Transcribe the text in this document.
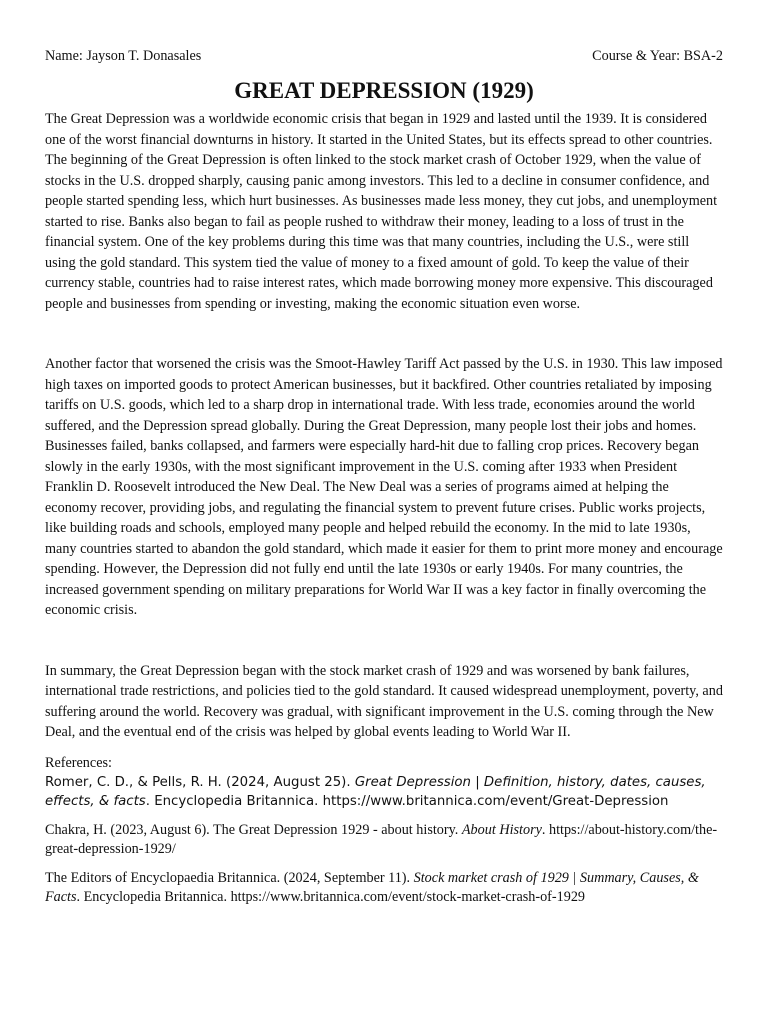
Name: Jayson T. Donasales	Course & Year: BSA-2
GREAT DEPRESSION (1929)

The Great Depression was a worldwide economic crisis that began in 1929 and lasted until the 1939. It is considered one of the worst financial downturns in history. It started in the United States, but its effects spread to other countries. The beginning of the Great Depression is often linked to the stock market crash of October 1929, when the value of stocks in the U.S. dropped sharply, causing panic among investors. This led to a decline in consumer confidence, and people started spending less, which hurt businesses. As businesses made less money, they cut jobs, and unemployment started to rise. Banks also began to fail as people rushed to withdraw their money, leading to a loss of trust in the financial system. One of the key problems during this time was that many countries, including the U.S., were still using the gold standard. This system tied the value of money to a fixed amount of gold. To keep the value of their currency stable, countries had to raise interest rates, which made borrowing money more expensive. This discouraged people and businesses from spending or investing, making the economic situation even worse.

Another factor that worsened the crisis was the Smoot-Hawley Tariff Act passed by the U.S. in 1930. This law imposed high taxes on imported goods to protect American businesses, but it backfired. Other countries retaliated by imposing tariffs on U.S. goods, which led to a sharp drop in international trade. With less trade, economies around the world suffered, and the Depression spread globally. During the Great Depression, many people lost their jobs and homes. Businesses failed, banks collapsed, and farmers were especially hard-hit due to falling crop prices. Recovery began slowly in the early 1930s, with the most significant improvement in the U.S. coming after 1933 when President Franklin D. Roosevelt introduced the New Deal. The New Deal was a series of programs aimed at helping the economy recover, providing jobs, and regulating the financial system to prevent future crises. Public works projects, like building roads and schools, employed many people and helped rebuild the economy. In the mid to late 1930s, many countries started to abandon the gold standard, which made it easier for them to print more money and encourage spending. However, the Depression did not fully end until the late 1930s or early 1940s. For many countries, the increased government spending on military preparations for World War II was a key factor in finally overcoming the economic crisis.

In summary, the Great Depression began with the stock market crash of 1929 and was worsened by bank failures, international trade restrictions, and policies tied to the gold standard. It caused widespread unemployment, poverty, and suffering around the world. Recovery was gradual, with significant improvement in the U.S. coming through the New Deal, and the eventual end of the crisis was helped by global events leading to World War II.

References:

Romer, C. D., & Pells, R. H. (2024, August 25). Great Depression | Definition, history, dates, causes, effects, & facts. Encyclopedia Britannica. https://www.britannica.com/event/Great-Depression

Chakra, H. (2023, August 6). The Great Depression 1929 - about history. About History. https://about-history.com/the-great-depression-1929/

The Editors of Encyclopaedia Britannica. (2024, September 11). Stock market crash of 1929 | Summary, Causes, & Facts. Encyclopedia Britannica. https://www.britannica.com/event/stock-market-crash-of-1929
